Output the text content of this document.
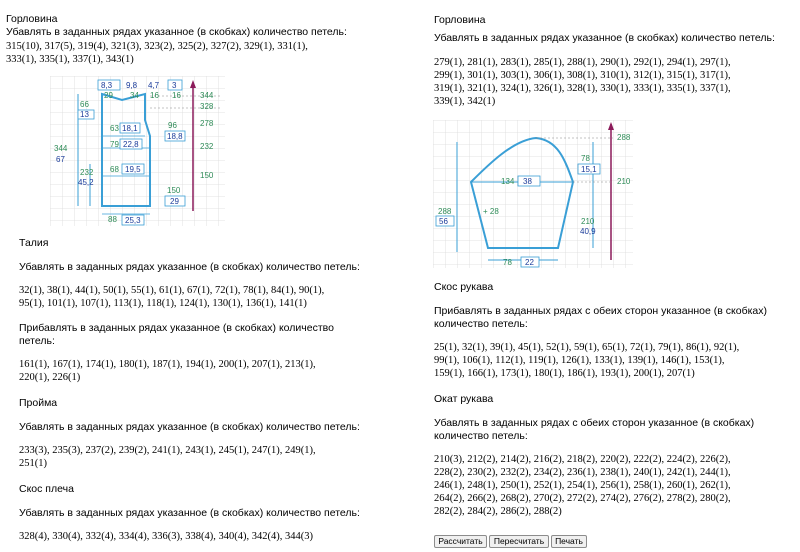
Горловина
Убавлять в заданных рядах указанное (в скобках) количество петель:
315(10), 317(5), 319(4), 321(3), 323(2), 325(2), 327(2), 329(1), 331(1),
333(1), 335(1), 337(1), 343(1)
8,3 9,8 4,7 3
29 34 16 16 344
328
278
232
150
66
13
344
67
232
45,2
63 18,1	96
18,8
79 22,8
68 19,5
150
29
88 25,3
Талия
Убавлять в заданных рядах указанное (в скобках) количество петель:
32(1), 38(1), 44(1), 50(1), 55(1), 61(1), 67(1), 72(1), 78(1), 84(1), 90(1),
95(1), 101(1), 107(1), 113(1), 118(1), 124(1), 130(1), 136(1), 141(1)
Прибавлять в заданных рядах указанное (в скобках) количество
петель:
161(1), 167(1), 174(1), 180(1), 187(1), 194(1), 200(1), 207(1), 213(1),
220(1), 226(1)
Пройма
Убавлять в заданных рядах указанное (в скобках) количество петель:
233(3), 235(3), 237(2), 239(2), 241(1), 243(1), 245(1), 247(1), 249(1),
251(1)
Скос плеча
Убавлять в заданных рядах указанное (в скобках) количество петель:
328(4), 330(4), 332(4), 334(4), 336(3), 338(4), 340(4), 342(4), 344(3)
Горловина
Убавлять в заданных рядах указанное (в скобках) количество петель:
279(1), 281(1), 283(1), 285(1), 288(1), 290(1), 292(1), 294(1), 297(1),
299(1), 301(1), 303(1), 306(1), 308(1), 310(1), 312(1), 315(1), 317(1),
319(1), 321(1), 324(1), 326(1), 328(1), 330(1), 333(1), 335(1), 337(1),
339(1), 342(1)
288
78
15,1
210
134 38
288
56
+ 28
210
40,9
78 22
Скос рукава
Прибавлять в заданных рядах с обеих сторон указанное (в скобках)
количество петель:
25(1), 32(1), 39(1), 45(1), 52(1), 59(1), 65(1), 72(1), 79(1), 86(1), 92(1),
99(1), 106(1), 112(1), 119(1), 126(1), 133(1), 139(1), 146(1), 153(1),
159(1), 166(1), 173(1), 180(1), 186(1), 193(1), 200(1), 207(1)
Окат рукава
Убавлять в заданных рядах с обеих сторон указанное (в скобках)
количество петель:
210(3), 212(2), 214(2), 216(2), 218(2), 220(2), 222(2), 224(2), 226(2),
228(2), 230(2), 232(2), 234(2), 236(1), 238(1), 240(1), 242(1), 244(1),
246(1), 248(1), 250(1), 252(1), 254(1), 256(1), 258(1), 260(1), 262(1),
264(2), 266(2), 268(2), 270(2), 272(2), 274(2), 276(2), 278(2), 280(2),
282(2), 284(2), 286(2), 288(2)
Рассчитать	Пересчитать	Печать
